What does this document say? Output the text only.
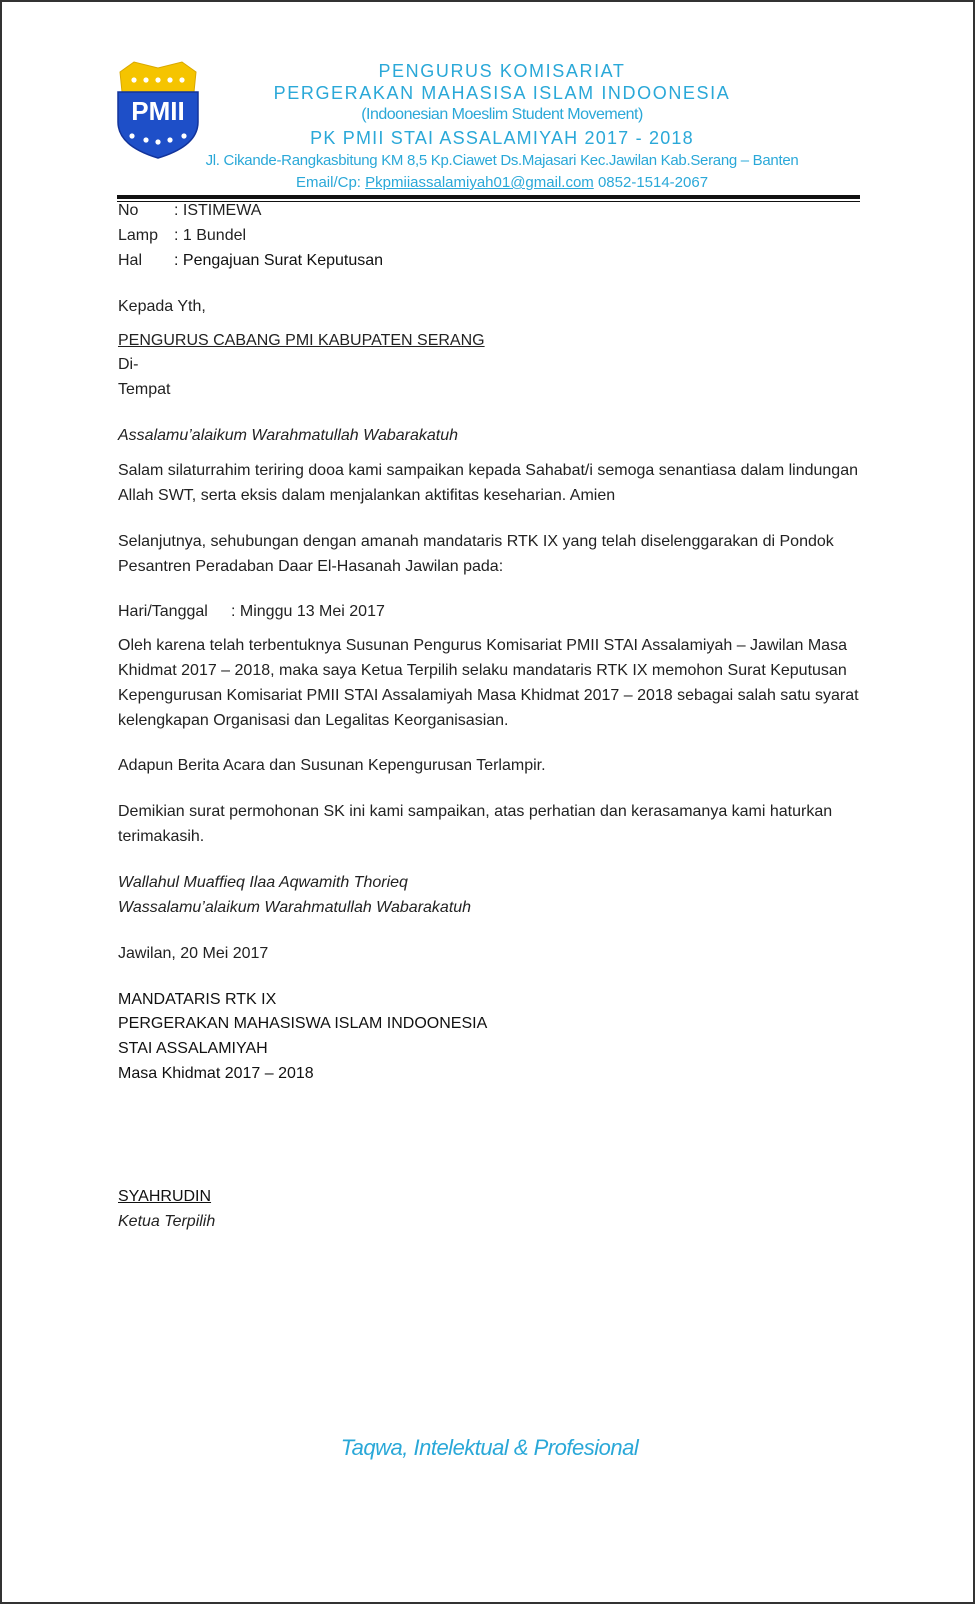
PMII
PENGURUS KOMISARIAT
PERGERAKAN MAHASISA ISLAM INDOONESIA
(Indoonesian Moeslim Student Movement)
PK PMII STAI ASSALAMIYAH 2017 - 2018
Jl. Cikande-Rangkasbitung KM 8,5 Kp.Ciawet Ds.Majasari Kec.Jawilan Kab.Serang – Banten
Email/Cp: Pkpmiiassalamiyah01@gmail.com 0852-1514-2067
No : ISTIMEWA
Lamp : 1 Bundel
Hal : Pengajuan Surat Keputusan
Kepada Yth,
PENGURUS CABANG PMI KABUPATEN SERANG
Di-
Tempat
Assalamu’alaikum Warahmatullah Wabarakatuh
Salam silaturrahim teriring dooa kami sampaikan kepada Sahabat/i semoga senantiasa dalam lindungan Allah SWT, serta eksis dalam menjalankan aktifitas keseharian. Amien
Selanjutnya, sehubungan dengan amanah mandataris RTK IX yang telah diselenggarakan di Pondok Pesantren Peradaban Daar El-Hasanah Jawilan pada:
Hari/Tanggal : Minggu 13 Mei 2017
Oleh karena telah terbentuknya Susunan Pengurus Komisariat PMII STAI Assalamiyah – Jawilan Masa Khidmat 2017 – 2018, maka saya Ketua Terpilih selaku mandataris RTK IX memohon Surat Keputusan Kepengurusan Komisariat PMII STAI Assalamiyah Masa Khidmat 2017 – 2018 sebagai salah satu syarat kelengkapan Organisasi dan Legalitas Keorganisasian.
Adapun Berita Acara dan Susunan Kepengurusan Terlampir.
Demikian surat permohonan SK ini kami sampaikan, atas perhatian dan kerasamanya kami haturkan terimakasih.
Wallahul Muaffieq Ilaa Aqwamith Thorieq
Wassalamu’alaikum Warahmatullah Wabarakatuh
Jawilan, 20 Mei 2017
MANDATARIS RTK IX
PERGERAKAN MAHASISWA ISLAM INDOONESIA
STAI ASSALAMIYAH
Masa Khidmat 2017 – 2018
SYAHRUDIN
Ketua Terpilih
Taqwa, Intelektual & Profesional
